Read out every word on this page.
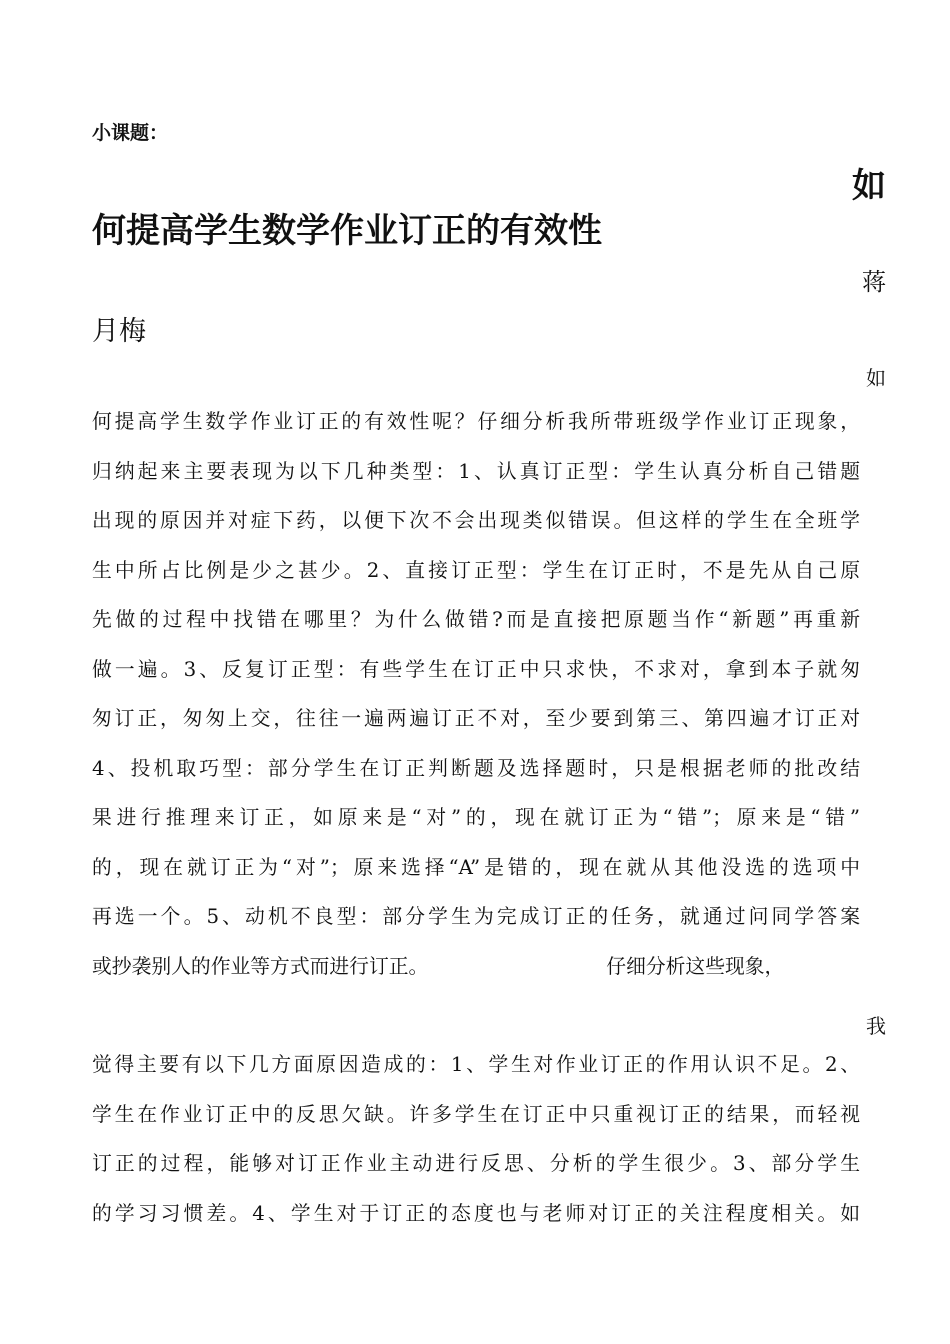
小课题：
如
何提高学生数学作业订正的有效性
蒋
月梅
如
何提高学生数学作业订正的有效性呢？仔细分析我所带班级学作业订正现象，
归纳起来主要表现为以下几种类型：1、认真订正型：学生认真分析自己错题
出现的原因并对症下药，以便下次不会出现类似错误。但这样的学生在全班学
生中所占比例是少之甚少。2、直接订正型：学生在订正时，不是先从自己原
先做的过程中找错在哪里？为什么做错?而是直接把原题当作“新题”再重新
做一遍。3、反复订正型：有些学生在订正中只求快，不求对，拿到本子就匆
匆订正，匆匆上交，往往一遍两遍订正不对，至少要到第三、第四遍才订正对
4、投机取巧型：部分学生在订正判断题及选择题时，只是根据老师的批改结
果进行推理来订正，如原来是“对”的，现在就订正为“错”；原来是“错”
的，现在就订正为“对”；原来选择“A”是错的，现在就从其他没选的选项中
再选一个。5、动机不良型：部分学生为完成订正的任务，就通过问同学答案
或抄袭别人的作业等方式而进行订正。	仔细分析这些现象，
我
觉得主要有以下几方面原因造成的：1、学生对作业订正的作用认识不足。2、
学生在作业订正中的反思欠缺。许多学生在订正中只重视订正的结果，而轻视
订正的过程，能够对订正作业主动进行反思、分析的学生很少。3、部分学生
的学习习惯差。4、学生对于订正的态度也与老师对订正的关注程度相关。如
